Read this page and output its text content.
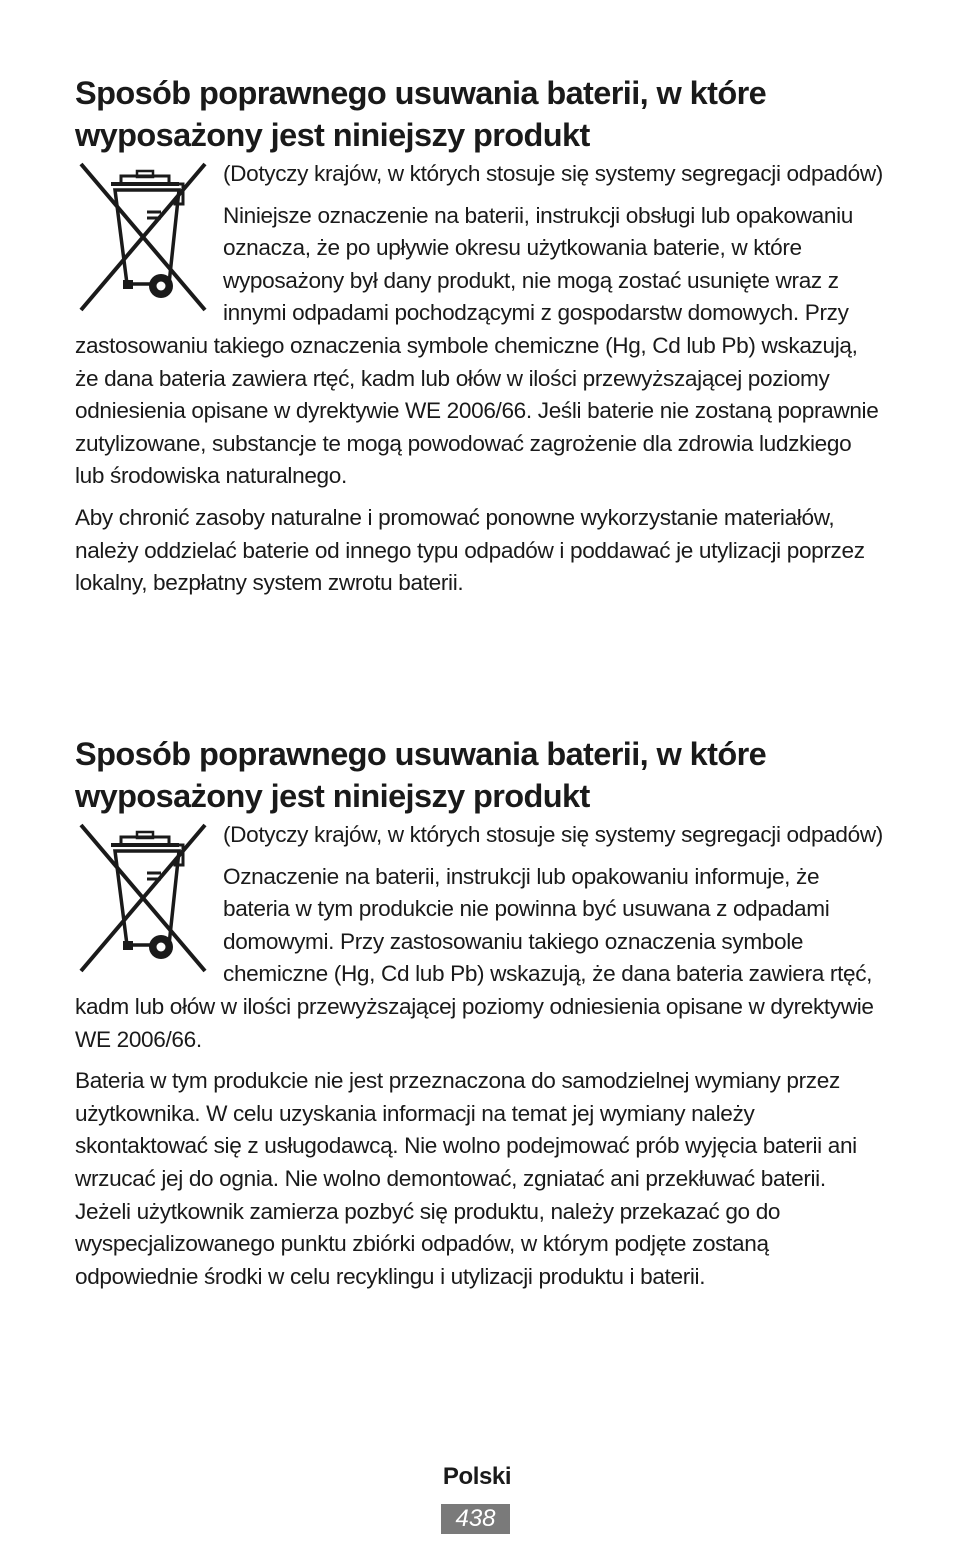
Sposób poprawnego usuwania baterii, w które
wyposażony jest niniejszy produkt

(Dotyczy krajów, w których stosuje się systemy segregacji odpadów)

Niniejsze oznaczenie na baterii, instrukcji obsługi lub opakowaniu oznacza, że po upływie okresu użytkowania baterie, w które wyposażony był dany produkt, nie mogą zostać usunięte wraz z innymi odpadami pochodzącymi z gospodarstw domowych. Przy zastosowaniu takiego oznaczenia symbole chemiczne (Hg, Cd lub Pb) wskazują, że dana bateria zawiera rtęć, kadm lub ołów w ilości przewyższającej poziomy odniesienia opisane w dyrektywie WE 2006/66. Jeśli baterie nie zostaną poprawnie zutylizowane, substancje te mogą powodować zagrożenie dla zdrowia ludzkiego lub środowiska naturalnego.

Aby chronić zasoby naturalne i promować ponowne wykorzystanie materiałów, należy oddzielać baterie od innego typu odpadów i poddawać je utylizacji poprzez lokalny, bezpłatny system zwrotu baterii.

Sposób poprawnego usuwania baterii, w które
wyposażony jest niniejszy produkt

(Dotyczy krajów, w których stosuje się systemy segregacji odpadów)

Oznaczenie na baterii, instrukcji lub opakowaniu informuje, że bateria w tym produkcie nie powinna być usuwana z odpadami domowymi. Przy zastosowaniu takiego oznaczenia symbole chemiczne (Hg, Cd lub Pb) wskazują, że dana bateria zawiera rtęć, kadm lub ołów w ilości przewyższającej poziomy odniesienia opisane w dyrektywie WE 2006/66.

Bateria w tym produkcie nie jest przeznaczona do samodzielnej wymiany przez użytkownika. W celu uzyskania informacji na temat jej wymiany należy skontaktować się z usługodawcą. Nie wolno podejmować prób wyjęcia baterii ani wrzucać jej do ognia. Nie wolno demontować, zgniatać ani przekłuwać baterii. Jeżeli użytkownik zamierza pozbyć się produktu, należy przekazać go do wyspecjalizowanego punktu zbiórki odpadów, w którym podjęte zostaną odpowiednie środki w celu recyklingu i utylizacji produktu i baterii.

Polski
438
